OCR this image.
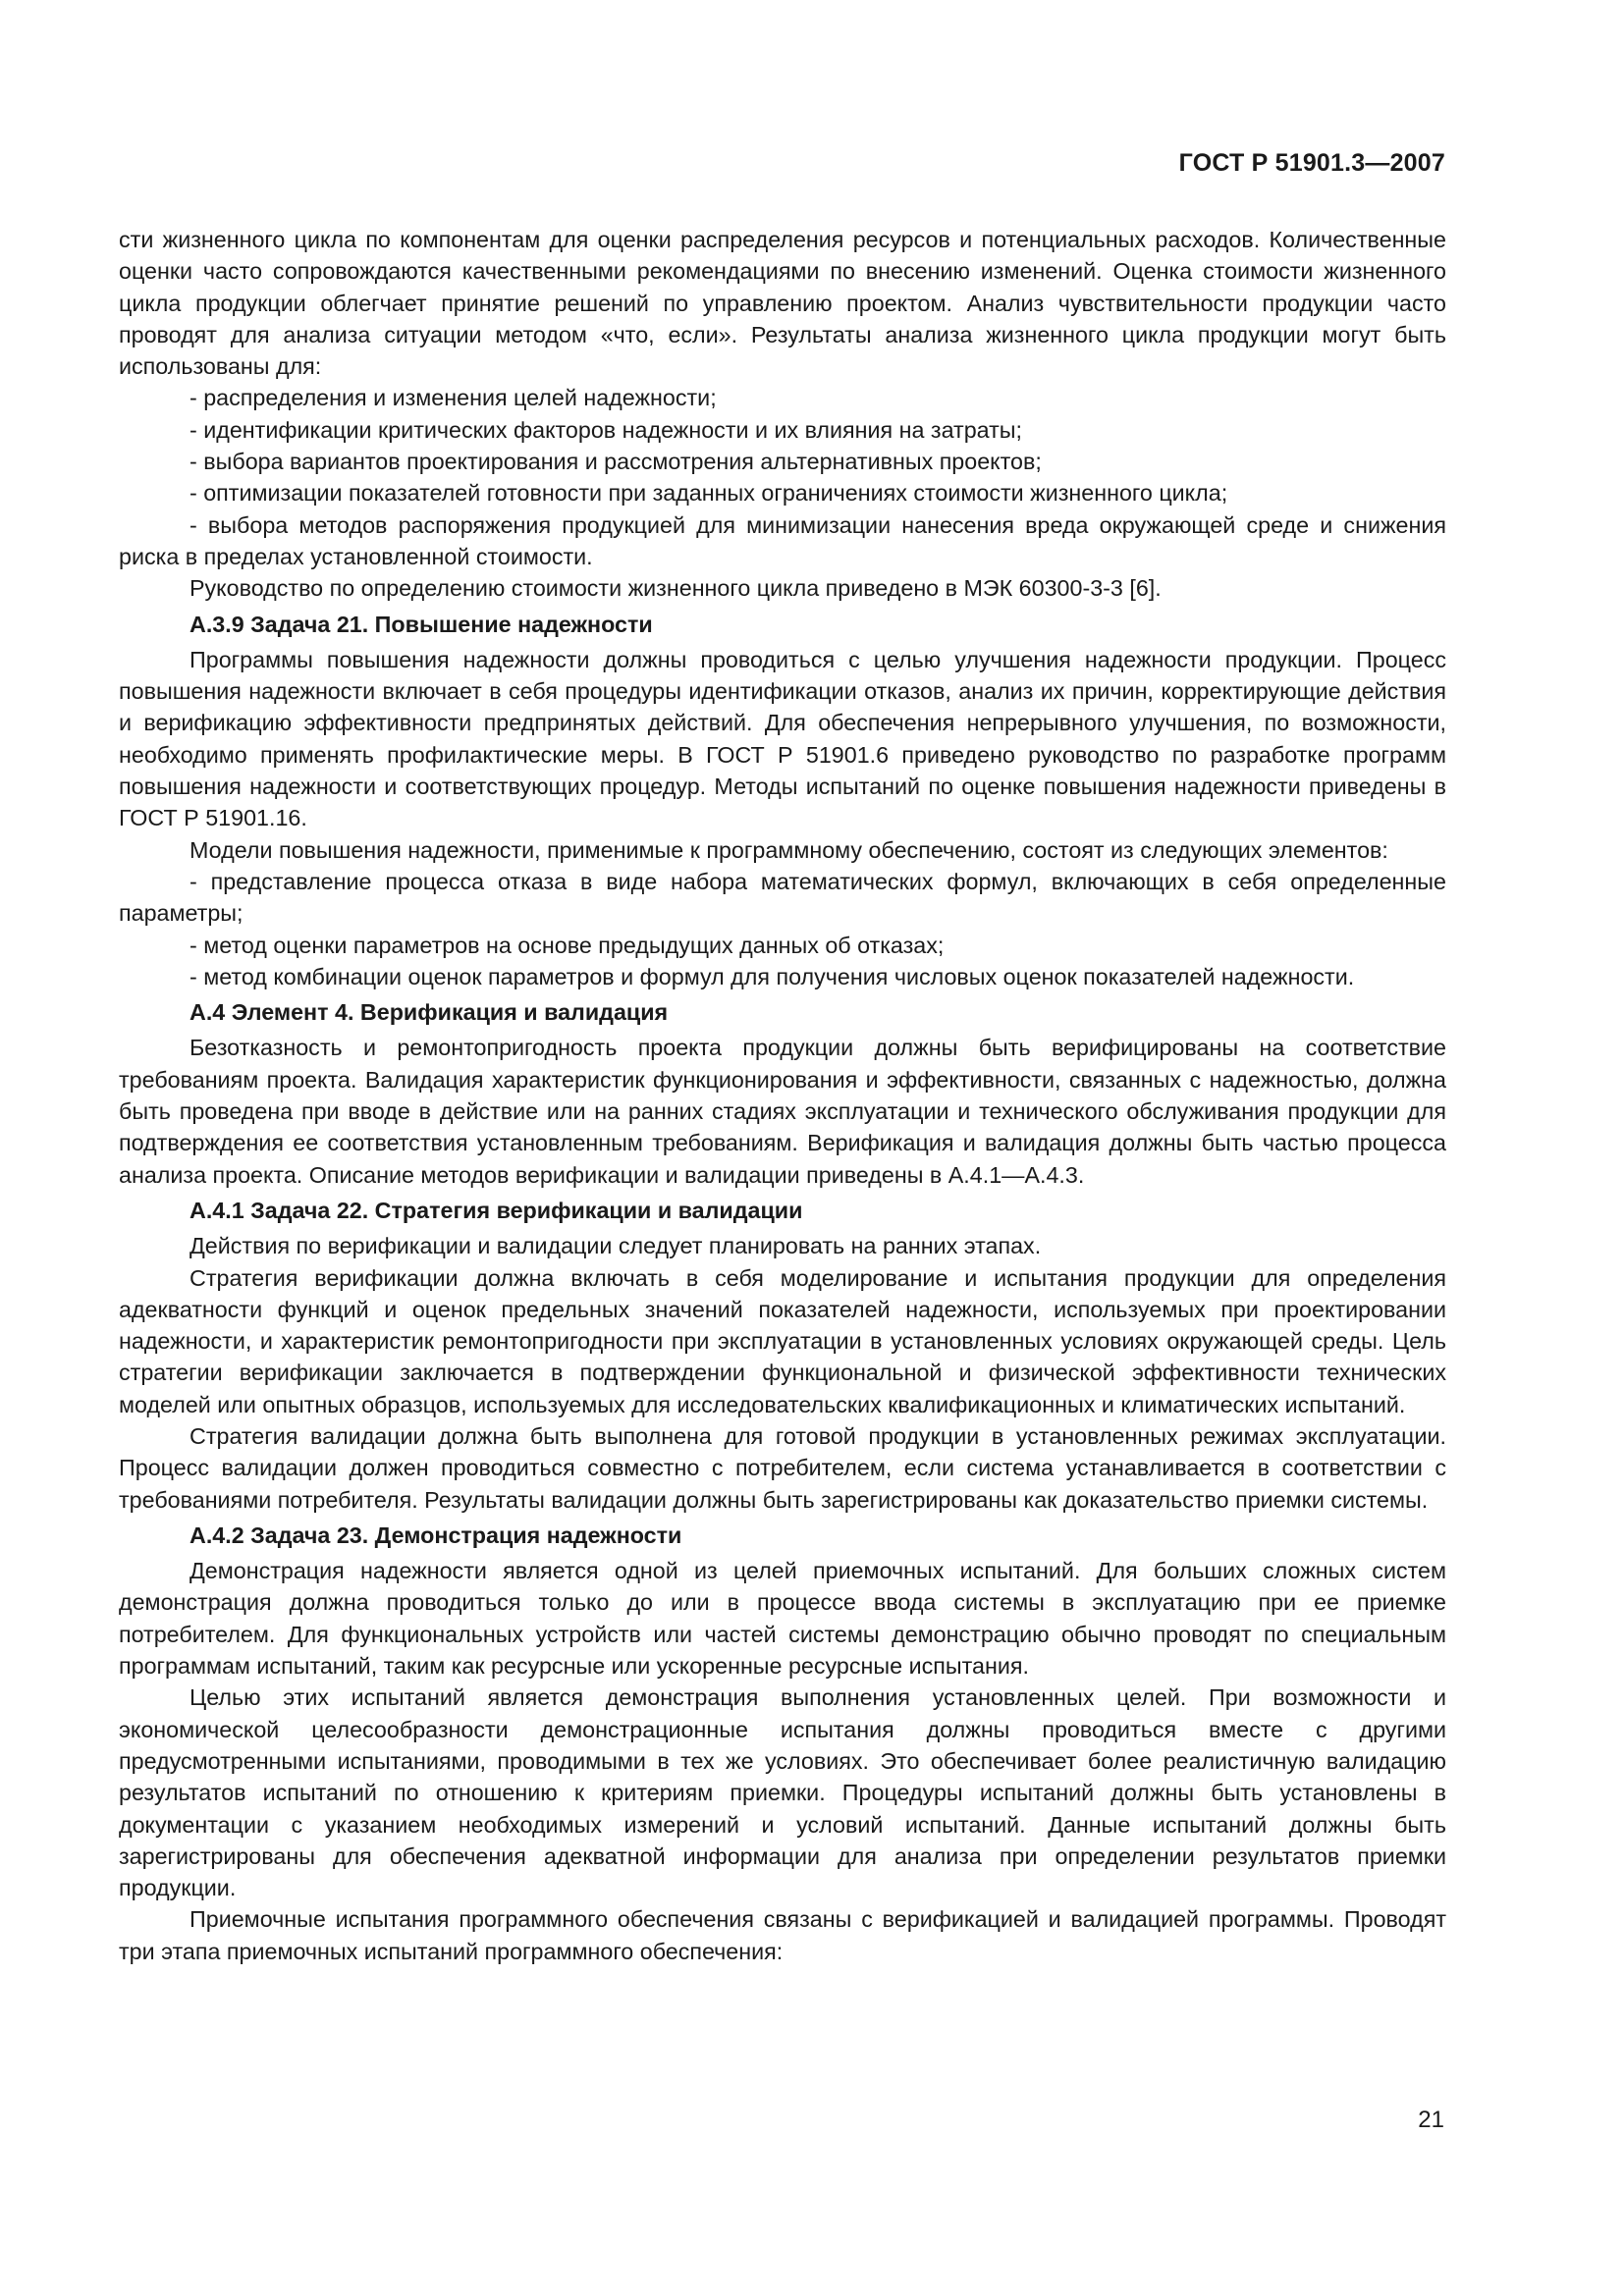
ГОСТ Р 51901.3—2007

сти жизненного цикла по компонентам для оценки распределения ресурсов и потенциальных расходов. Количественные оценки часто сопровождаются качественными рекомендациями по внесению изменений. Оценка стоимости жизненного цикла продукции облегчает принятие решений по управлению проектом. Анализ чувствительности продукции часто проводят для анализа ситуации методом «что, если». Результаты анализа жизненного цикла продукции могут быть использованы для:

- распределения и изменения целей надежности;

- идентификации критических факторов надежности и их влияния на затраты;

- выбора вариантов проектирования и рассмотрения альтернативных проектов;

- оптимизации показателей готовности при заданных ограничениях стоимости жизненного цикла;

- выбора методов распоряжения продукцией для минимизации нанесения вреда окружающей среде и снижения риска в пределах установленной стоимости.

Руководство по определению стоимости жизненного цикла приведено в МЭК 60300-3-3 [6].

А.3.9 Задача 21. Повышение надежности

Программы повышения надежности должны проводиться с целью улучшения надежности продукции. Процесс повышения надежности включает в себя процедуры идентификации отказов, анализ их причин, корректирующие действия и верификацию эффективности предпринятых действий. Для обеспечения непрерывного улучшения, по возможности, необходимо применять профилактические меры. В ГОСТ Р 51901.6 приведено руководство по разработке программ повышения надежности и соответствующих процедур. Методы испытаний по оценке повышения надежности приведены в ГОСТ Р 51901.16.

Модели повышения надежности, применимые к программному обеспечению, состоят из следующих элементов:

- представление процесса отказа в виде набора математических формул, включающих в себя определенные параметры;

- метод оценки параметров на основе предыдущих данных об отказах;

- метод комбинации оценок параметров и формул для получения числовых оценок показателей надежности.

А.4 Элемент 4. Верификация и валидация

Безотказность и ремонтопригодность проекта продукции должны быть верифицированы на соответствие требованиям проекта. Валидация характеристик функционирования и эффективности, связанных с надежностью, должна быть проведена при вводе в действие или на ранних стадиях эксплуатации и технического обслуживания продукции для подтверждения ее соответствия установленным требованиям. Верификация и валидация должны быть частью процесса анализа проекта. Описание методов верификации и валидации приведены в А.4.1—А.4.3.

А.4.1 Задача 22. Стратегия верификации и валидации

Действия по верификации и валидации следует планировать на ранних этапах.

Стратегия верификации должна включать в себя моделирование и испытания продукции для определения адекватности функций и оценок предельных значений показателей надежности, используемых при проектировании надежности, и характеристик ремонтопригодности при эксплуатации в установленных условиях окружающей среды. Цель стратегии верификации заключается в подтверждении функциональной и физической эффективности технических моделей или опытных образцов, используемых для исследовательских квалификационных и климатических испытаний.

Стратегия валидации должна быть выполнена для готовой продукции в установленных режимах эксплуатации. Процесс валидации должен проводиться совместно с потребителем, если система устанавливается в соответствии с требованиями потребителя. Результаты валидации должны быть зарегистрированы как доказательство приемки системы.

А.4.2 Задача 23. Демонстрация надежности

Демонстрация надежности является одной из целей приемочных испытаний. Для больших сложных систем демонстрация должна проводиться только до или в процессе ввода системы в эксплуатацию при ее приемке потребителем. Для функциональных устройств или частей системы демонстрацию обычно проводят по специальным программам испытаний, таким как ресурсные или ускоренные ресурсные испытания.

Целью этих испытаний является демонстрация выполнения установленных целей. При возможности и экономической целесообразности демонстрационные испытания должны проводиться вместе с другими предусмотренными испытаниями, проводимыми в тех же условиях. Это обеспечивает более реалистичную валидацию результатов испытаний по отношению к критериям приемки. Процедуры испытаний должны быть установлены в документации с указанием необходимых измерений и условий испытаний. Данные испытаний должны быть зарегистрированы для обеспечения адекватной информации для анализа при определении результатов приемки продукции.

Приемочные испытания программного обеспечения связаны с верификацией и валидацией программы. Проводят три этапа приемочных испытаний программного обеспечения:

21
